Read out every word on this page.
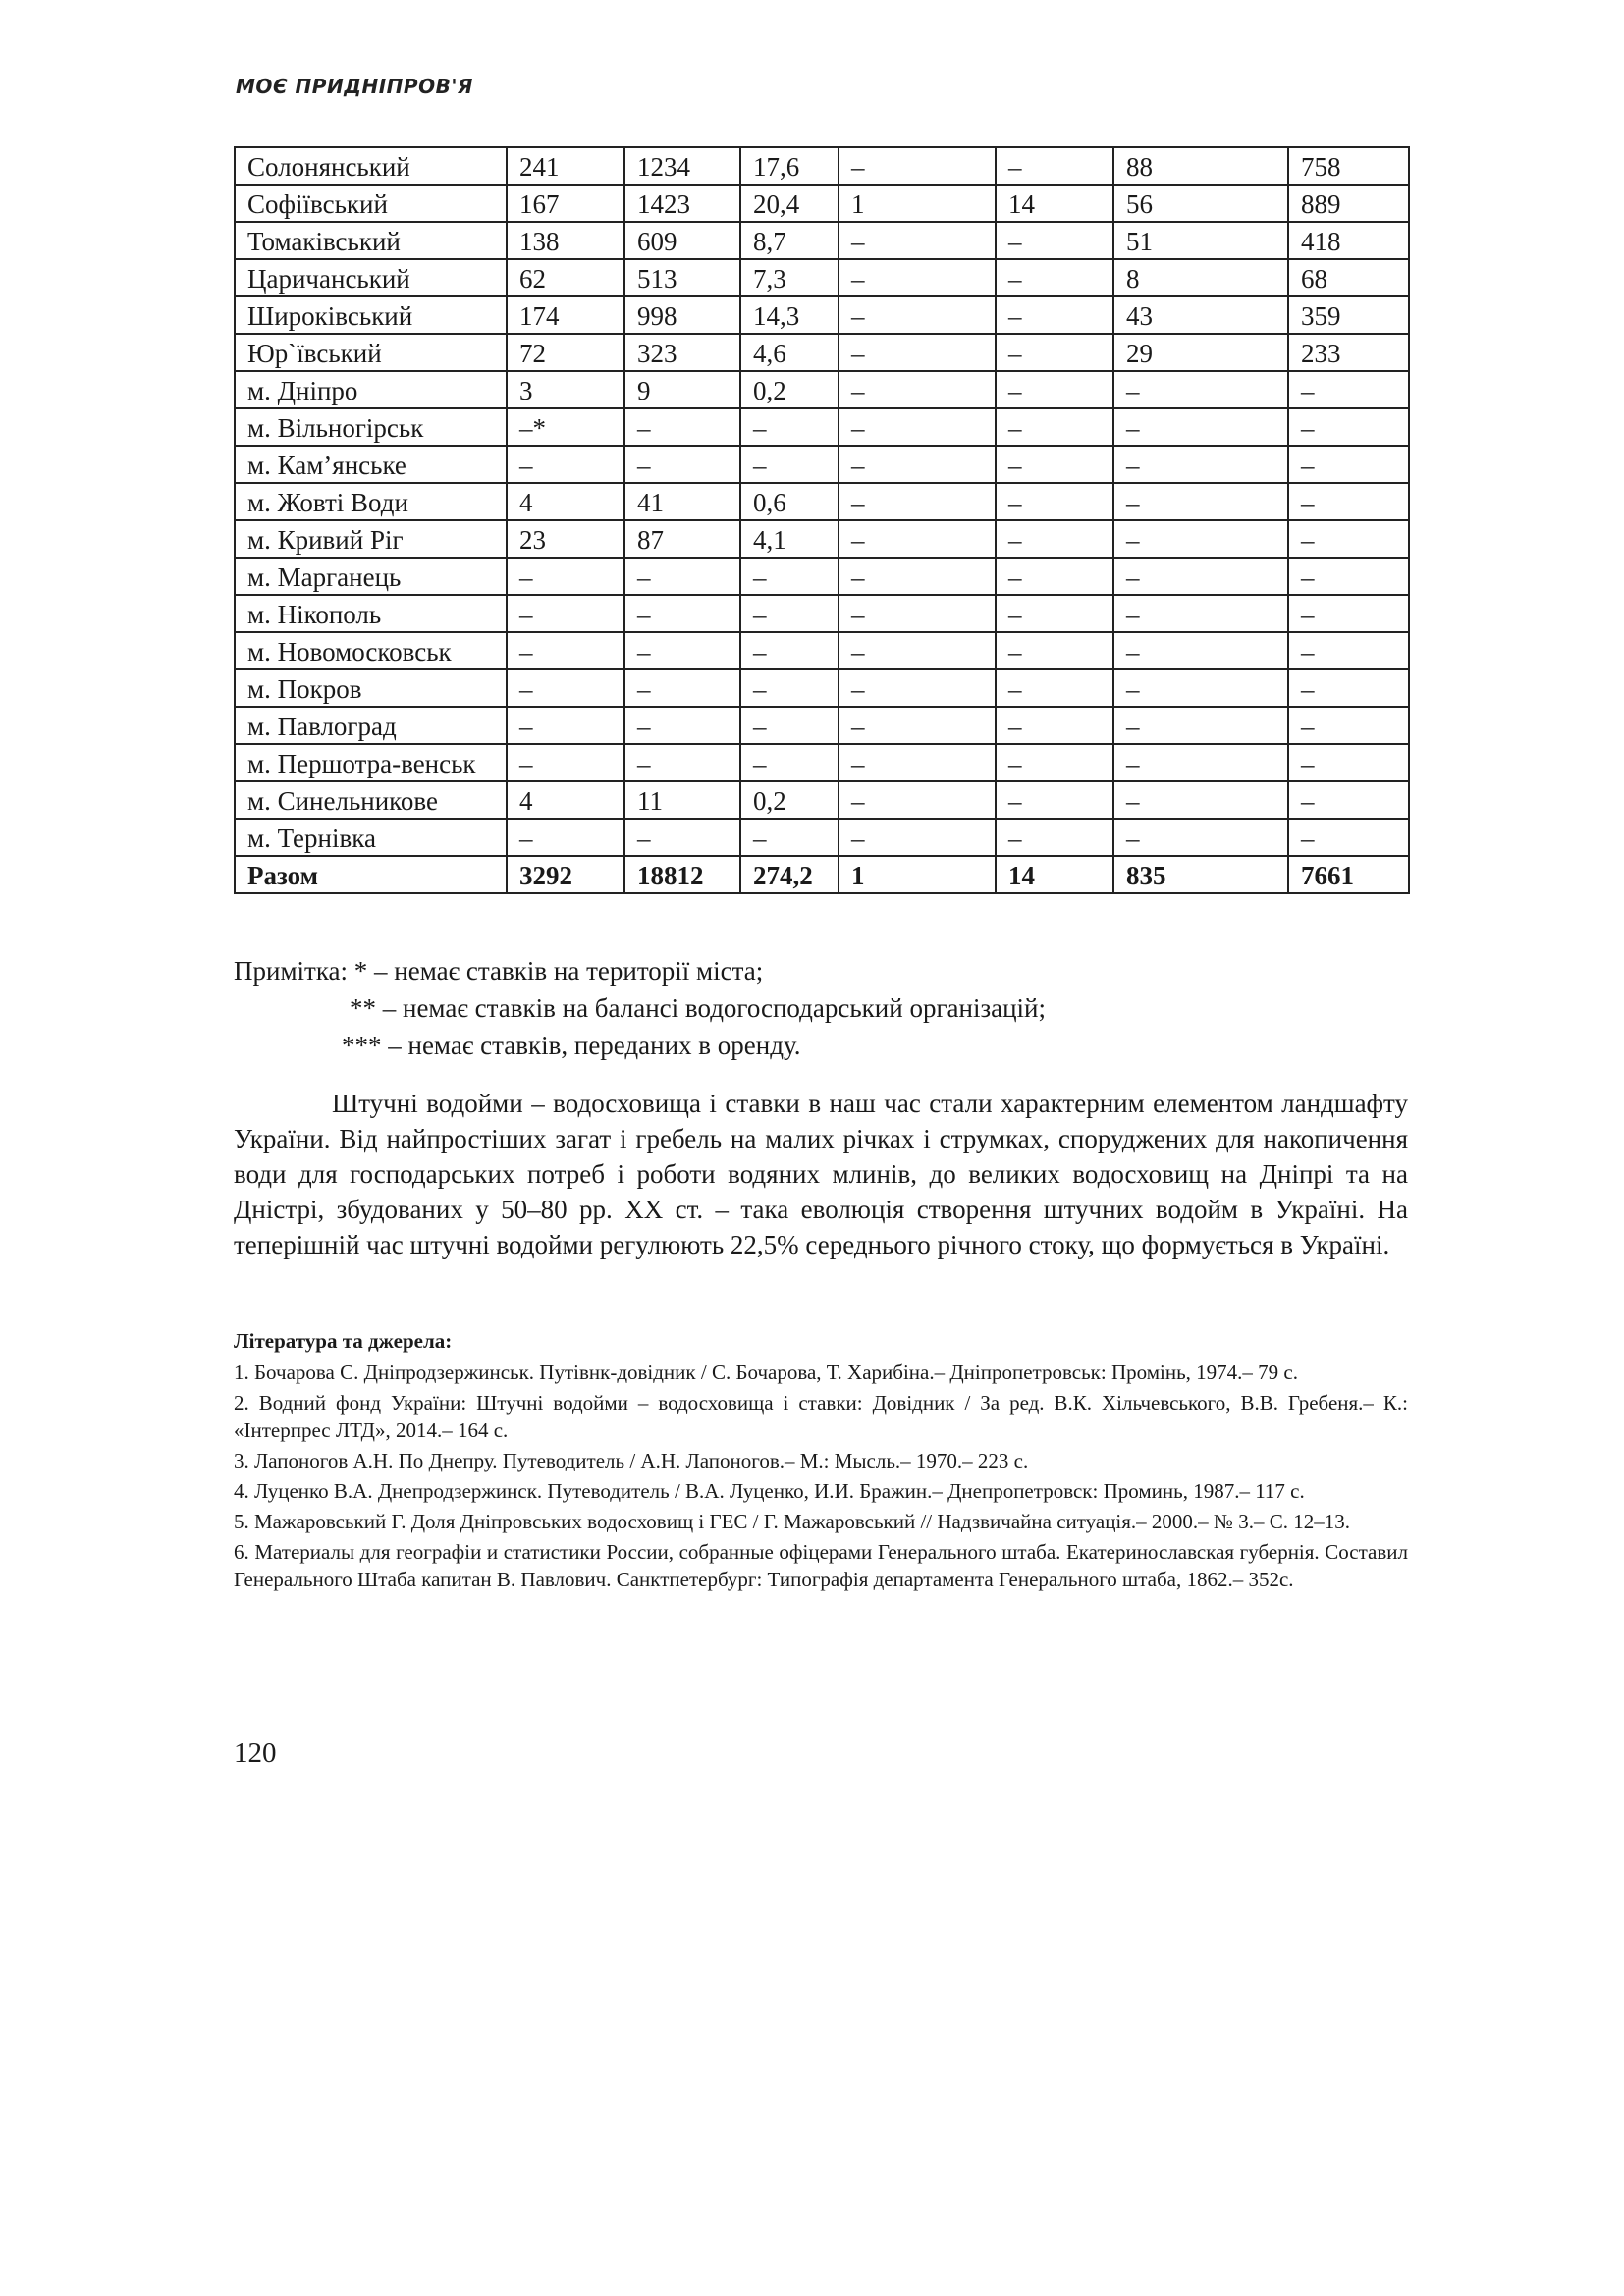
МОЄ ПРИДНІПРОВ'Я
Солонянський	241	1234	17,6	–	–	88	758
Софіївський	167	1423	20,4	1	14	56	889
Томаківський	138	609	8,7	–	–	51	418
Царичанський	62	513	7,3	–	–	8	68
Широківський	174	998	14,3	–	–	43	359
Юр`ївський	72	323	4,6	–	–	29	233
м. Дніпро	3	9	0,2	–	–	–	–
м. Вільногірськ	–*	–	–	–	–	–	–
м. Кам’янське	–	–	–	–	–	–	–
м. Жовті Води	4	41	0,6	–	–	–	–
м. Кривий Ріг	23	87	4,1	–	–	–	–
м. Марганець	–	–	–	–	–	–	–
м. Нікополь	–	–	–	–	–	–	–
м. Новомосковськ	–	–	–	–	–	–	–
м. Покров	–	–	–	–	–	–	–
м. Павлоград	–	–	–	–	–	–	–
м. Першотра-венськ	–	–	–	–	–	–	–
м. Синельникове	4	11	0,2	–	–	–	–
м. Тернівка	–	–	–	–	–	–	–
Разом	3292	18812	274,2	1	14	835	7661
Примітка: * – немає ставків на території міста;
** – немає ставків на балансі водогосподарський організацій;
*** – немає ставків, переданих в оренду.

Штучні водойми – водосховища і ставки в наш час стали характерним елементом ландшафту України. Від найпростіших загат і гребель на малих річках і струмках, споруджених для накопичення води для господарських потреб і роботи водяних млинів, до великих водосховищ на Дніпрі та на Дністрі, збудованих у 50–80 рр. ХХ ст. – така еволюція створення штучних водойм в Україні. На теперішній час штучні водойми регулюють 22,5% середнього річного стоку, що формується в Україні.

Література та джерела:
1. Бочарова С. Дніпродзержинськ. Путівнк-довідник / С. Бочарова, Т. Харибіна.– Дніпропетровськ: Промінь, 1974.– 79 с.
2. Водний фонд України: Штучні водойми – водосховища і ставки: Довідник / За ред. В.К. Хільчевського, В.В. Гребеня.– К.: «Інтерпрес ЛТД», 2014.– 164 с.
3. Лапоногов А.Н. По Днепру. Путеводитель / А.Н. Лапоногов.– М.: Мысль.– 1970.– 223 с.
4. Луценко В.А. Днепродзержинск. Путеводитель / В.А. Луценко, И.И. Бражин.– Днепропетровск: Проминь, 1987.– 117 с.
5. Мажаровський Г. Доля Дніпровських водосховищ і ГЕС / Г. Мажаровський // Надзвичайна ситуація.– 2000.– № 3.– С. 12–13.
6. Материалы для географіи и статистики России, собранные офіцерами Генерального штаба. Екатеринославская губернія. Составил Генерального Штаба капитан В. Павлович. Санктпетербург: Типографія департамента Генерального штаба, 1862.– 352с.
120
